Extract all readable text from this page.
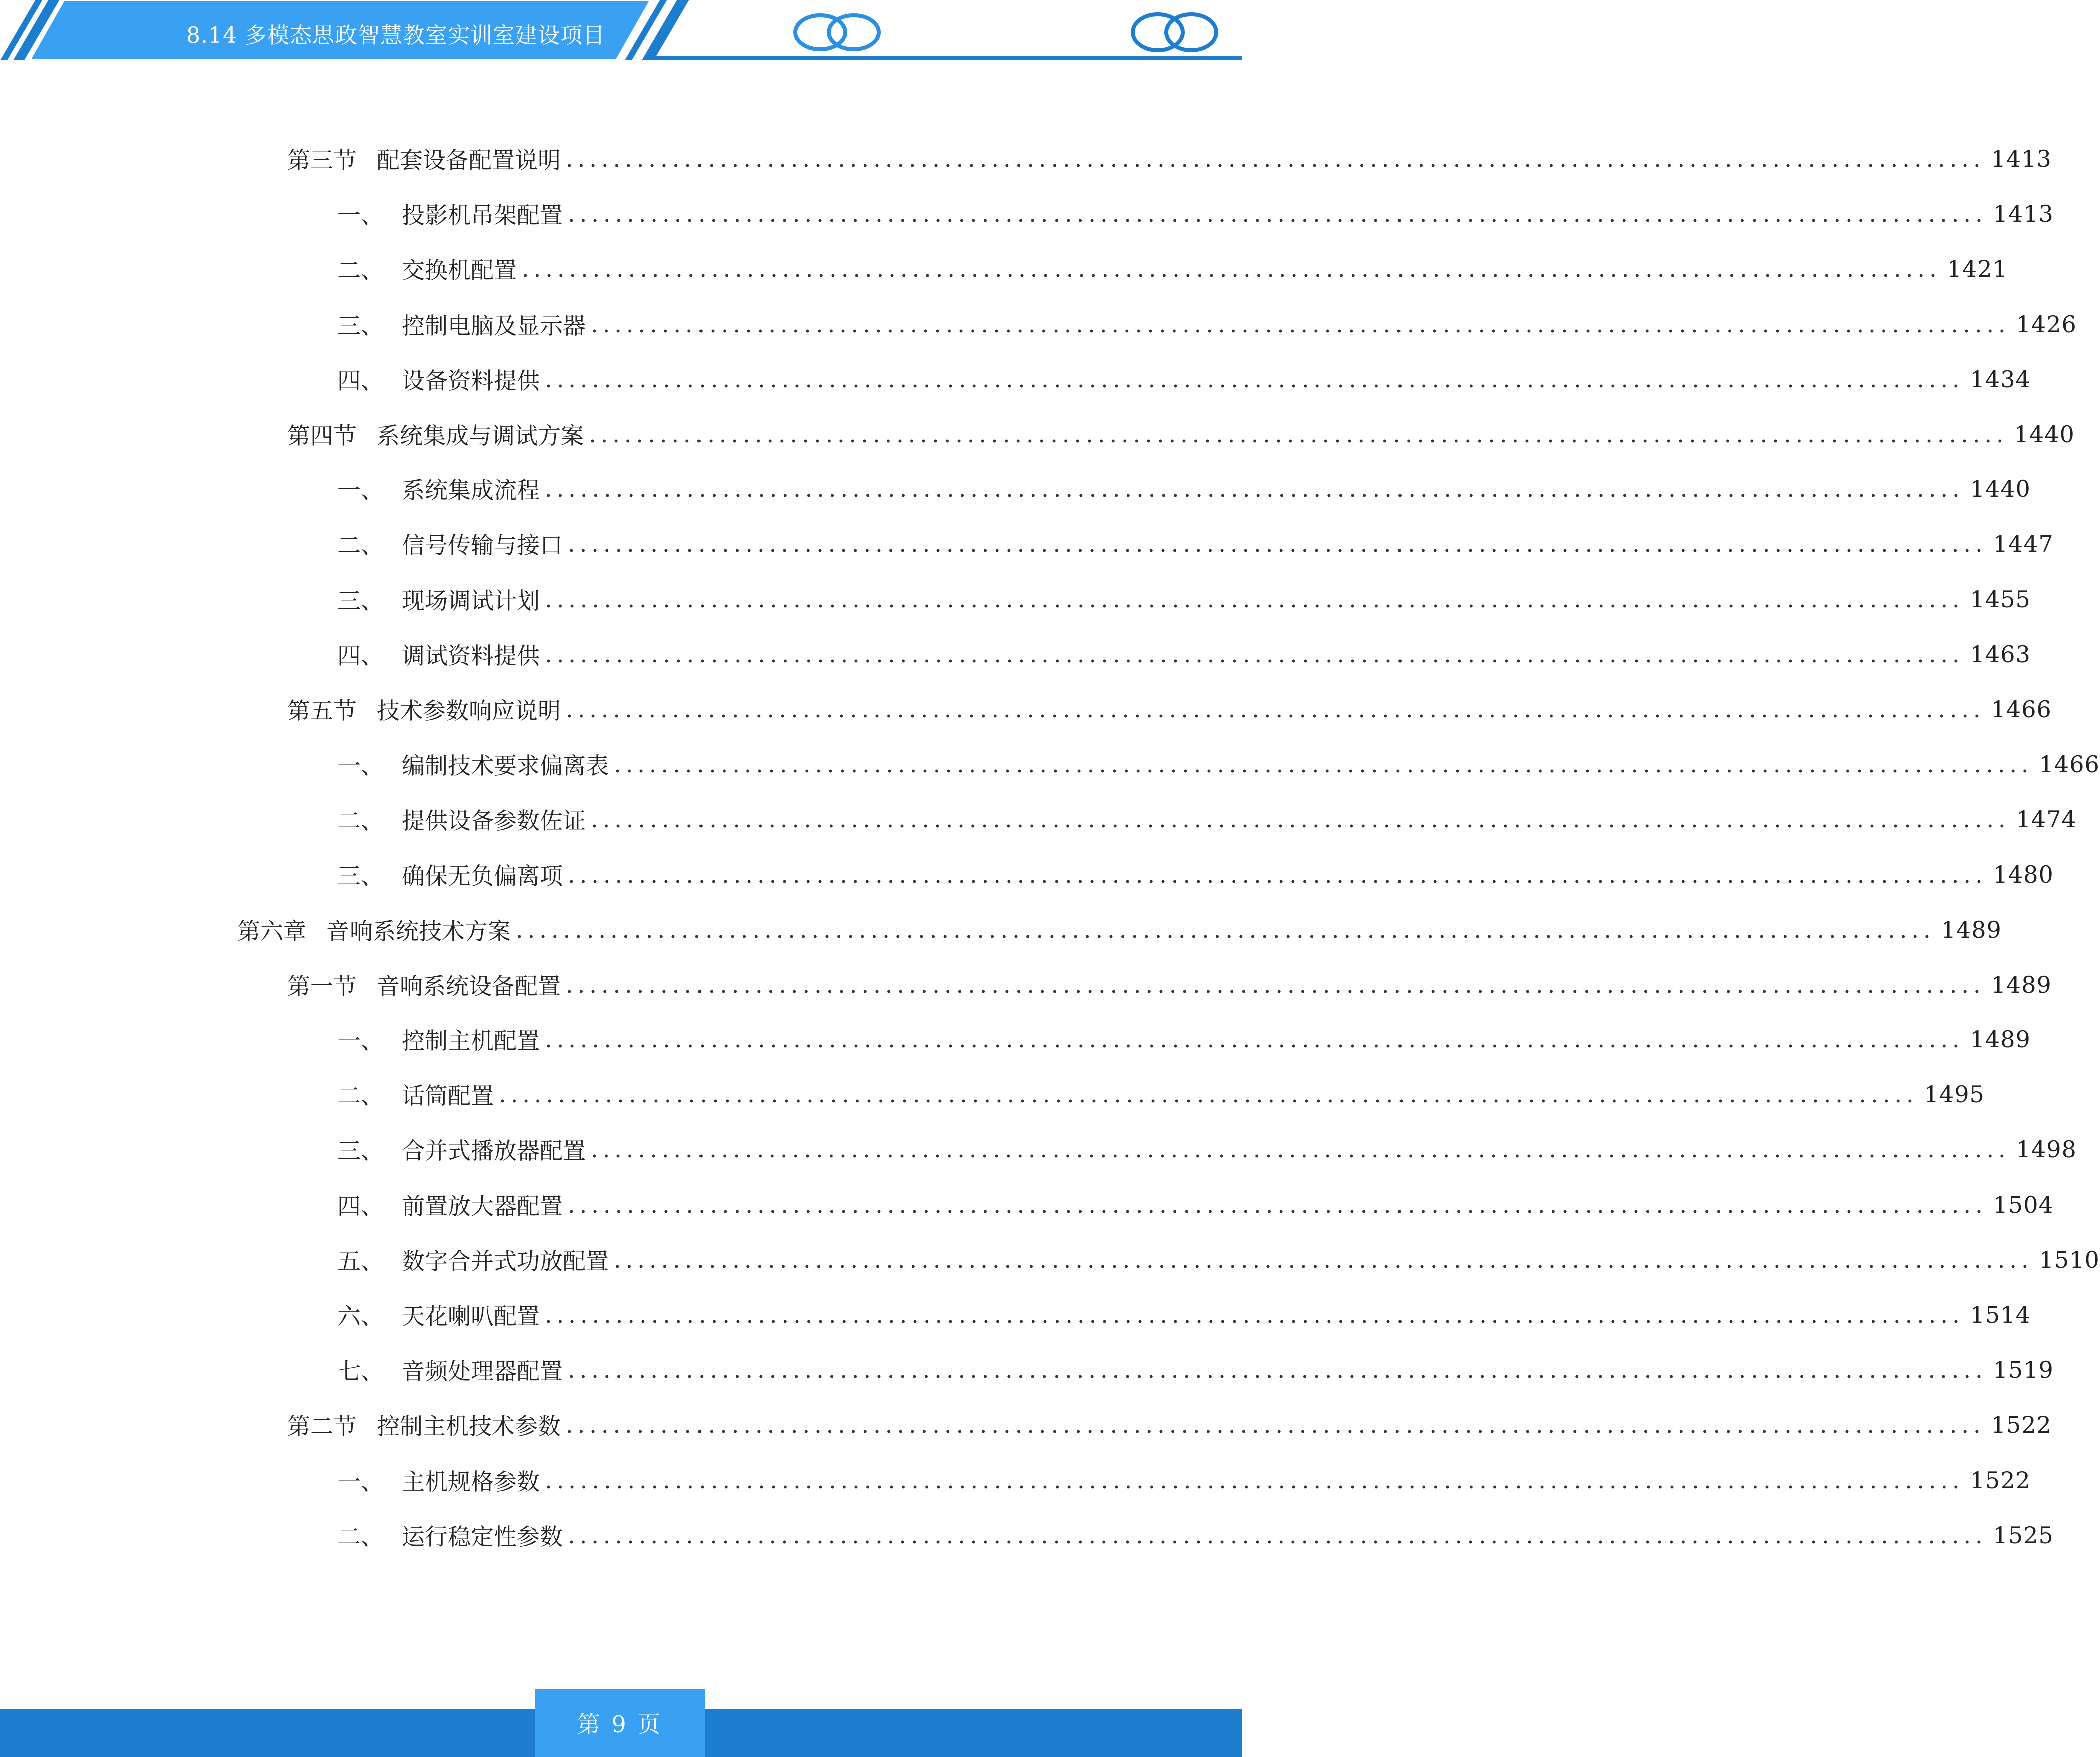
8.14 多模态思政智慧教室实训室建设项目
第三节 配套设备配置说明 ........................................................................................................................ 1413
一、 投影机吊架配置 ........................................................................................................................ 1413
二、 交换机配置 ........................................................................................................................ 1421
三、 控制电脑及显示器 ........................................................................................................................ 1426
四、 设备资料提供 ........................................................................................................................ 1434
第四节 系统集成与调试方案 ........................................................................................................................ 1440
一、 系统集成流程 ........................................................................................................................ 1440
二、 信号传输与接口 ........................................................................................................................ 1447
三、 现场调试计划 ........................................................................................................................ 1455
四、 调试资料提供 ........................................................................................................................ 1463
第五节 技术参数响应说明 ........................................................................................................................ 1466
一、 编制技术要求偏离表 ........................................................................................................................ 1466
二、 提供设备参数佐证 ........................................................................................................................ 1474
三、 确保无负偏离项 ........................................................................................................................ 1480
第六章 音响系统技术方案 ........................................................................................................................ 1489
第一节 音响系统设备配置 ........................................................................................................................ 1489
一、 控制主机配置 ........................................................................................................................ 1489
二、 话筒配置 ........................................................................................................................ 1495
三、 合并式播放器配置 ........................................................................................................................ 1498
四、 前置放大器配置 ........................................................................................................................ 1504
五、 数字合并式功放配置 ........................................................................................................................ 1510
六、 天花喇叭配置 ........................................................................................................................ 1514
七、 音频处理器配置 ........................................................................................................................ 1519
第二节 控制主机技术参数 ........................................................................................................................ 1522
一、 主机规格参数 ........................................................................................................................ 1522
二、 运行稳定性参数 ........................................................................................................................ 1525
第 9 页
